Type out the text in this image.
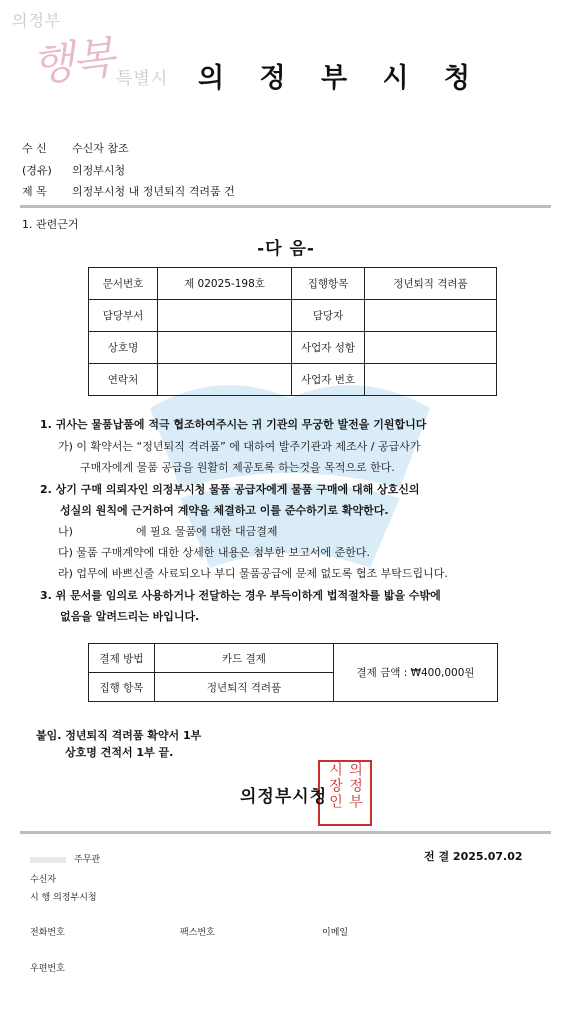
의정부
행복 특별시 의 정 부 시 청
수 신 수신자 참조
(경유) 의정부시청
제 목 의정부시청 내 정년퇴직 격려품 건
1. 관련근거
-다 음-
문서번호	제 02025-198호	집행항목	정년퇴직 격려품
담당부서		담당자	
상호명		사업자 성함	
연락처		사업자 번호	
1. 귀사는 물품납품에 적극 협조하여주시는 귀 기관의 무궁한 발전을 기원합니다
가) 이 확약서는 “정년퇴직 격려품” 에 대하여 발주기관과 제조사 / 공급사가
구매자에게 물품 공급을 원활히 제공토록 하는것을 목적으로 한다.
2. 상기 구매 의뢰자인 의정부시청 물품 공급자에게 물품 구매에 대해 상호신의
성실의 원칙에 근거하여 계약을 체결하고 이를 준수하기로 확약한다.
나)	에 필요 물품에 대한 대금결제
다) 물품 구매계약에 대한 상세한 내용은 첨부한 보고서에 준한다.
라) 업무에 바쁘신줄 사료되오나 부디 물품공급에 문제 없도록 협조 부탁드립니다.
3. 위 문서를 임의로 사용하거나 전달하는 경우 부득이하게 법적절차를 밟을 수밖에
없음을 알려드리는 바입니다.
결제 방법	카드 결제	결제 금액 : ₩400,000원
집행 항목	정년퇴직 격려품	
붙임. 정년퇴직 격려품 확약서 1부
상호명 견적서 1부 끝.
의정부시장인
의정부시청
주무관	전 결 2025.07.02
수신자
시 행 의정부시청
전화번호	팩스번호	이메일
우편번호
